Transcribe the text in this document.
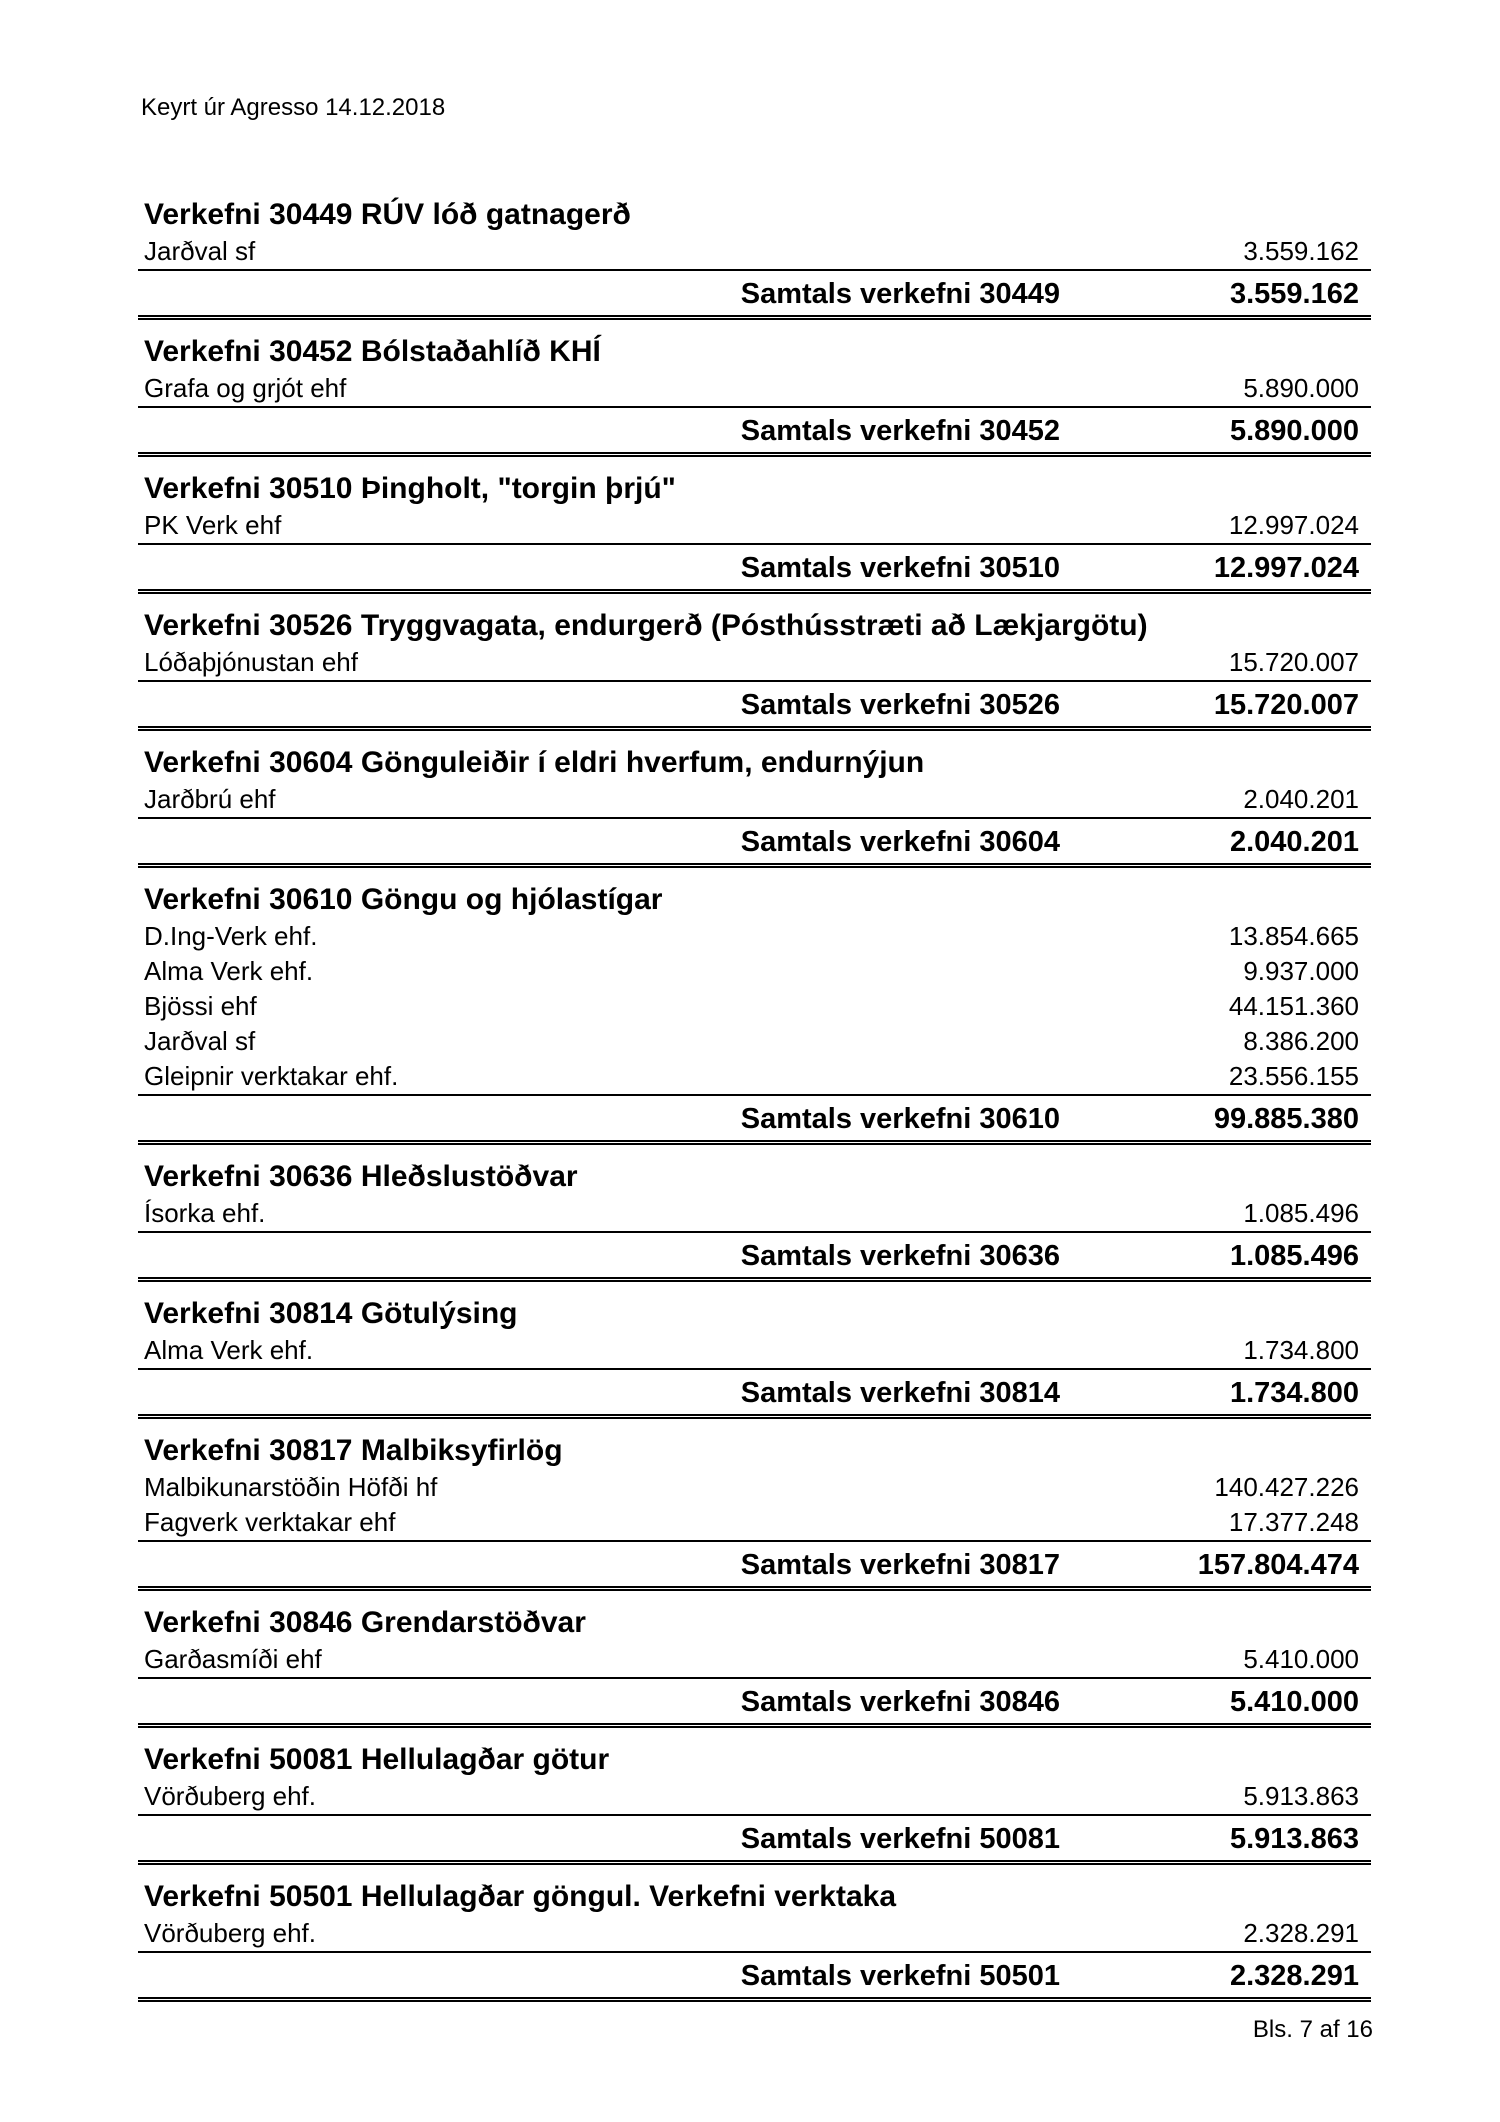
Keyrt úr Agresso 14.12.2018
Verkefni 30449 RÚV lóð gatnagerð
Jarðval sf	3.559.162
Samtals verkefni 30449	3.559.162
Verkefni 30452 Bólstaðahlíð KHÍ
Grafa og grjót ehf	5.890.000
Samtals verkefni 30452	5.890.000
Verkefni 30510 Þingholt, "torgin þrjú"
PK Verk ehf	12.997.024
Samtals verkefni 30510	12.997.024
Verkefni 30526 Tryggvagata, endurgerð (Pósthússtræti að Lækjargötu)
Lóðaþjónustan ehf	15.720.007
Samtals verkefni 30526	15.720.007
Verkefni 30604 Gönguleiðir í eldri hverfum, endurnýjun
Jarðbrú ehf	2.040.201
Samtals verkefni 30604	2.040.201
Verkefni 30610 Göngu og hjólastígar
D.Ing-Verk ehf.	13.854.665
Alma Verk ehf.	9.937.000
Bjössi ehf	44.151.360
Jarðval sf	8.386.200
Gleipnir verktakar ehf.	23.556.155
Samtals verkefni 30610	99.885.380
Verkefni 30636 Hleðslustöðvar
Ísorka ehf.	1.085.496
Samtals verkefni 30636	1.085.496
Verkefni 30814 Götulýsing
Alma Verk ehf.	1.734.800
Samtals verkefni 30814	1.734.800
Verkefni 30817 Malbiksyfirlög
Malbikunarstöðin Höfði hf	140.427.226
Fagverk verktakar ehf	17.377.248
Samtals verkefni 30817	157.804.474
Verkefni 30846 Grendarstöðvar
Garðasmíði ehf	5.410.000
Samtals verkefni 30846	5.410.000
Verkefni 50081 Hellulagðar götur
Vörðuberg ehf.	5.913.863
Samtals verkefni 50081	5.913.863
Verkefni 50501 Hellulagðar göngul. Verkefni verktaka
Vörðuberg ehf.	2.328.291
Samtals verkefni 50501	2.328.291
Bls. 7 af 16
